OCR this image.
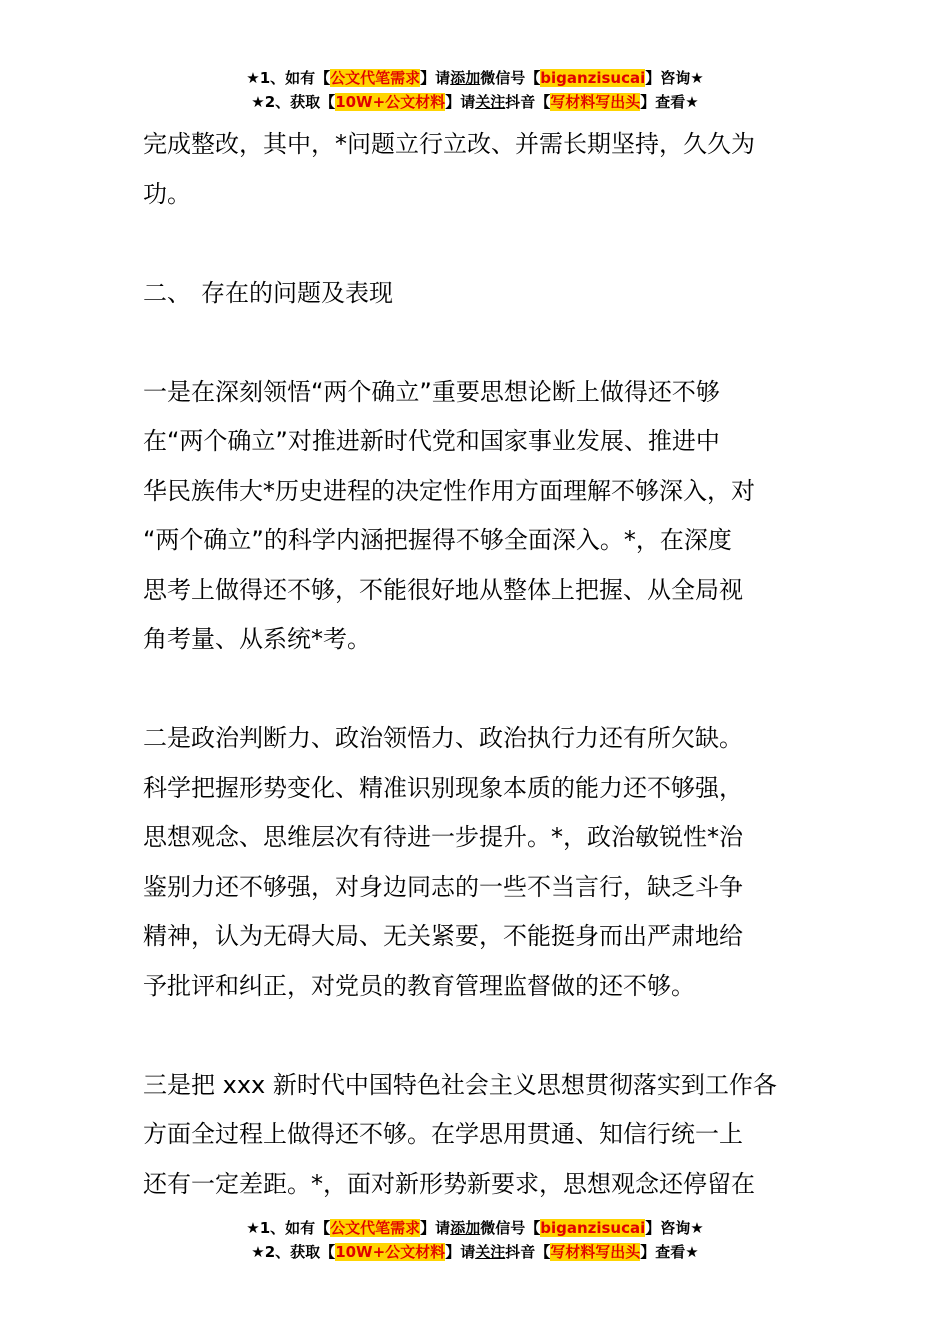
★1、如有【公文代笔需求】请添加微信号【biganzisucai】咨询★
★2、获取【10W+公文材料】请关注抖音【写材料写出头】查看★

完成整改，其中，*问题立行立改、并需长期坚持，久久为
功。

二、 存在的问题及表现

一是在深刻领悟“两个确立”重要思想论断上做得还不够
在“两个确立”对推进新时代党和国家事业发展、推进中
华民族伟大*历史进程的决定性作用方面理解不够深入，对
“两个确立”的科学内涵把握得不够全面深入。*，在深度
思考上做得还不够，不能很好地从整体上把握、从全局视
角考量、从系统*考。

二是政治判断力、政治领悟力、政治执行力还有所欠缺。
科学把握形势变化、精准识别现象本质的能力还不够强，
思想观念、思维层次有待进一步提升。*，政治敏锐性*治
鉴别力还不够强，对身边同志的一些不当言行，缺乏斗争
精神，认为无碍大局、无关紧要，不能挺身而出严肃地给
予批评和纠正，对党员的教育管理监督做的还不够。

三是把 xxx 新时代中国特色社会主义思想贯彻落实到工作各
方面全过程上做得还不够。在学思用贯通、知信行统一上
还有一定差距。*，面对新形势新要求，思想观念还停留在

★1、如有【公文代笔需求】请添加微信号【biganzisucai】咨询★
★2、获取【10W+公文材料】请关注抖音【写材料写出头】查看★
